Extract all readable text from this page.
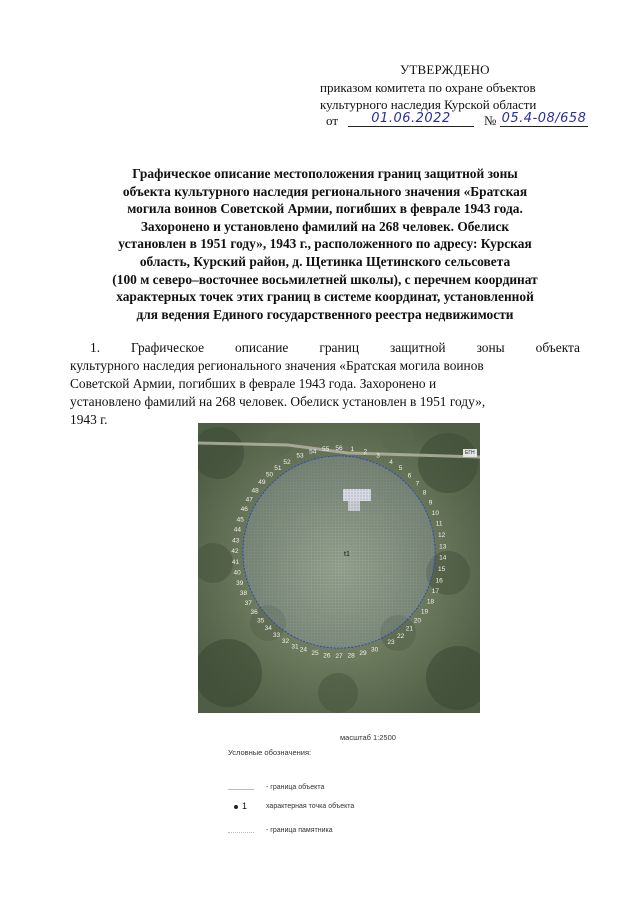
УТВЕРЖДЕНО
приказом комитета по охране объектов
культурного наследия Курской области
от	01.06.2022	№ 05.4-08/658
Графическое описание местоположения границ защитной зоны
объекта культурного наследия регионального значения «Братская
могила воинов Советской Армии, погибших в феврале 1943 года.
Захоронено и установлено фамилий на 268 человек. Обелиск
установлен в 1951 году», 1943 г., расположенного по адресу: Курская
область, Курский район, д. Щетинка Щетинского сельсовета
(100 м северо–восточнее восьмилетней школы), с перечнем координат
характерных точек этих границ в системе координат, установленной
для ведения Единого государственного реестра недвижимости
1. Графическое описание границ защитной зоны объекта
культурного наследия регионального значения «Братская могила воинов
Советской Армии, погибших в феврале 1943 года. Захоронено и
установлено фамилий на 268 человек. Обелиск установлен в 1951 году»,
1943 г.
t1
ЕГН
53
54 55 56 1 2
3
4
5
6
7
8
9
10
11
12
13
14
15
16
17
18
19
20
21
22
23
30
29
28
27
26
25
24
52
51
50
49
48
47
46
45
44
43
42
41
40
39
38
37
36
35
34
33
32
31
масштаб 1:2500
Условные обозначения:
- граница объекта
1	характерная точка объекта
- граница памятника
